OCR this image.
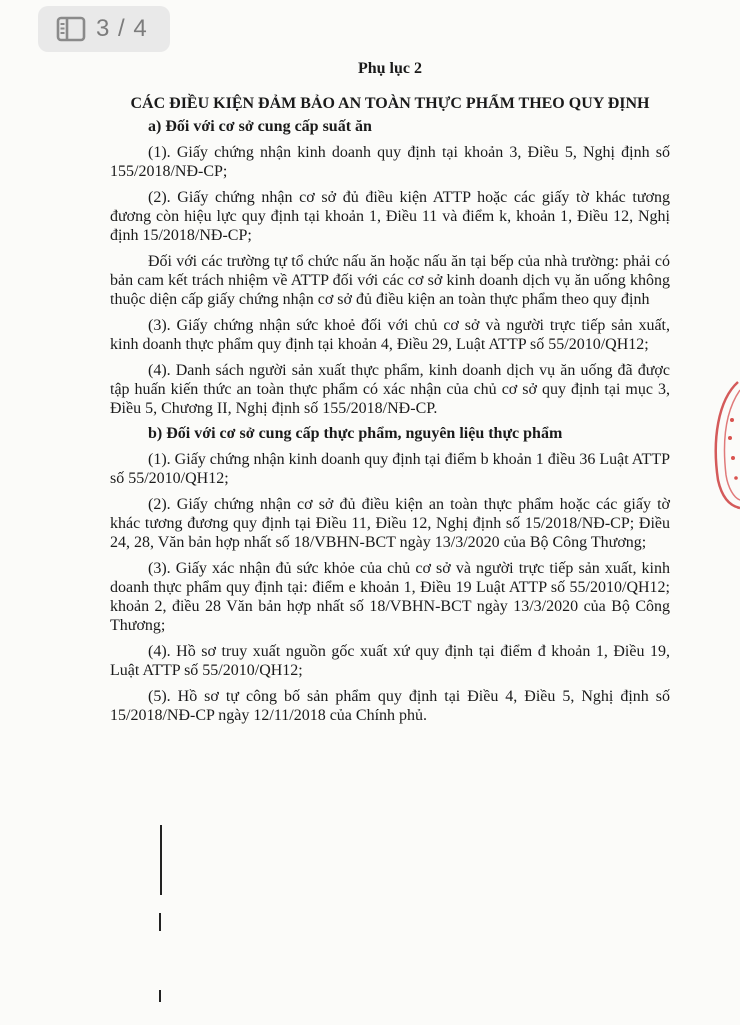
3 / 4

Phụ lục 2

CÁC ĐIỀU KIỆN ĐẢM BẢO AN TOÀN THỰC PHẨM THEO QUY ĐỊNH

a) Đối với cơ sở cung cấp suất ăn

(1). Giấy chứng nhận kinh doanh quy định tại khoản 3, Điều 5, Nghị định số 155/2018/NĐ-CP;

(2). Giấy chứng nhận cơ sở đủ điều kiện ATTP hoặc các giấy tờ khác tương đương còn hiệu lực quy định tại khoản 1, Điều 11 và điểm k, khoản 1, Điều 12, Nghị định 15/2018/NĐ-CP;

Đối với các trường tự tổ chức nấu ăn hoặc nấu ăn tại bếp của nhà trường: phải có bản cam kết trách nhiệm về ATTP đối với các cơ sở kinh doanh dịch vụ ăn uống không thuộc diện cấp giấy chứng nhận cơ sở đủ điều kiện an toàn thực phẩm theo quy định

(3). Giấy chứng nhận sức khoẻ đối với chủ cơ sở và người trực tiếp sản xuất, kinh doanh thực phẩm quy định tại khoản 4, Điều 29, Luật ATTP số 55/2010/QH12;

(4). Danh sách người sản xuất thực phẩm, kinh doanh dịch vụ ăn uống đã được tập huấn kiến thức an toàn thực phẩm có xác nhận của chủ cơ sở quy định tại mục 3, Điều 5, Chương II, Nghị định số 155/2018/NĐ-CP.

b) Đối với cơ sở cung cấp thực phẩm, nguyên liệu thực phẩm

(1). Giấy chứng nhận kinh doanh quy định tại điểm b khoản 1 điều 36 Luật ATTP số 55/2010/QH12;

(2). Giấy chứng nhận cơ sở đủ điều kiện an toàn thực phẩm hoặc các giấy tờ khác tương đương quy định tại Điều 11, Điều 12, Nghị định số 15/2018/NĐ-CP; Điều 24, 28, Văn bản hợp nhất số 18/VBHN-BCT ngày 13/3/2020 của Bộ Công Thương;

(3). Giấy xác nhận đủ sức khỏe của chủ cơ sở và người trực tiếp sản xuất, kinh doanh thực phẩm quy định tại: điểm e khoản 1, Điều 19 Luật ATTP số 55/2010/QH12; khoản 2, điều 28 Văn bản hợp nhất số 18/VBHN-BCT ngày 13/3/2020 của Bộ Công Thương;

(4). Hồ sơ truy xuất nguồn gốc xuất xứ quy định tại điểm đ khoản 1, Điều 19, Luật ATTP số 55/2010/QH12;

(5). Hồ sơ tự công bố sản phẩm quy định tại Điều 4, Điều 5, Nghị định số 15/2018/NĐ-CP ngày 12/11/2018 của Chính phủ.
